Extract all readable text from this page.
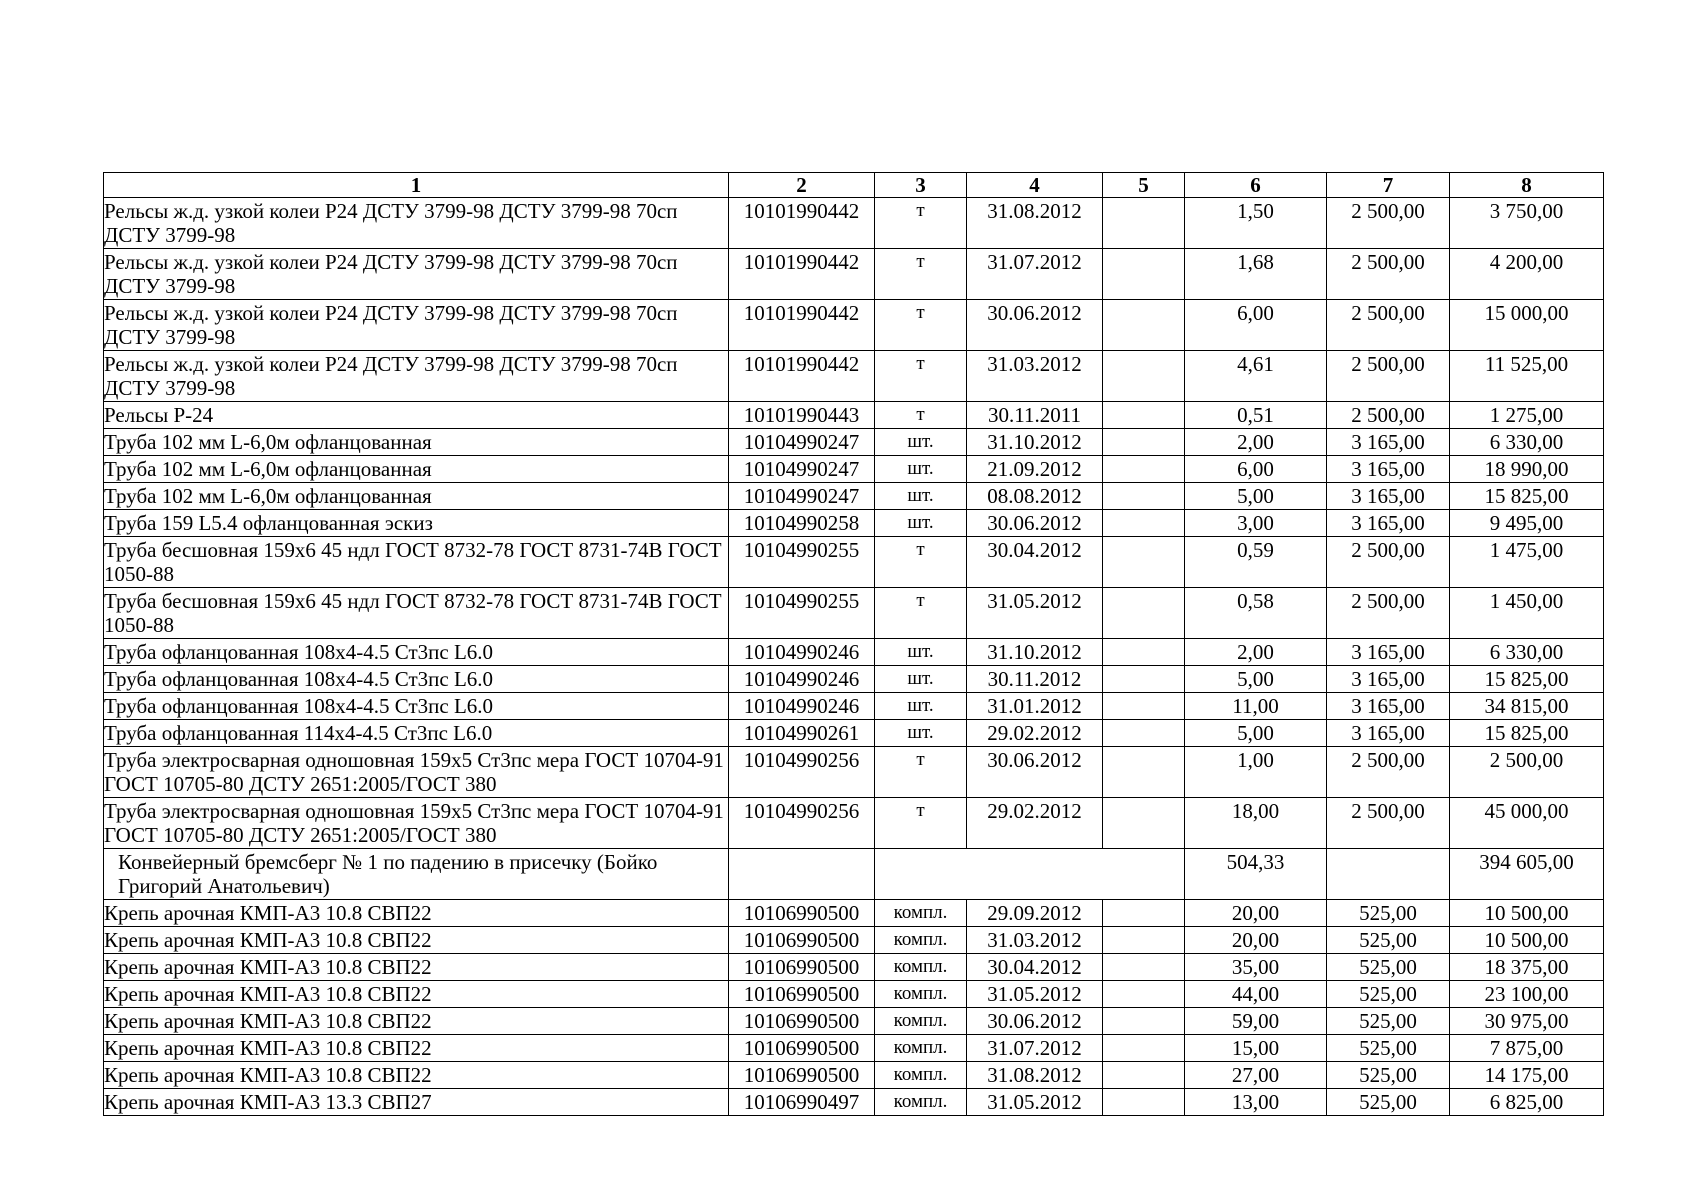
1	2	3	4	5	6	7	8
Рельсы ж.д. узкой колеи Р24 ДСТУ 3799-98 ДСТУ 3799-98 70сп ДСТУ 3799-98	10101990442	т	31.08.2012		1,50	2 500,00	3 750,00
Рельсы ж.д. узкой колеи Р24 ДСТУ 3799-98 ДСТУ 3799-98 70сп ДСТУ 3799-98	10101990442	т	31.07.2012		1,68	2 500,00	4 200,00
Рельсы ж.д. узкой колеи Р24 ДСТУ 3799-98 ДСТУ 3799-98 70сп ДСТУ 3799-98	10101990442	т	30.06.2012		6,00	2 500,00	15 000,00
Рельсы ж.д. узкой колеи Р24 ДСТУ 3799-98 ДСТУ 3799-98 70сп ДСТУ 3799-98	10101990442	т	31.03.2012		4,61	2 500,00	11 525,00
Рельсы Р-24	10101990443	т	30.11.2011		0,51	2 500,00	1 275,00
Труба 102 мм L-6,0м офланцованная	10104990247	шт.	31.10.2012		2,00	3 165,00	6 330,00
Труба 102 мм L-6,0м офланцованная	10104990247	шт.	21.09.2012		6,00	3 165,00	18 990,00
Труба 102 мм L-6,0м офланцованная	10104990247	шт.	08.08.2012		5,00	3 165,00	15 825,00
Труба 159 L5.4 офланцованная эскиз	10104990258	шт.	30.06.2012		3,00	3 165,00	9 495,00
Труба бесшовная 159х6 45 ндл ГОСТ 8732-78 ГОСТ 8731-74В ГОСТ 1050-88	10104990255	т	30.04.2012		0,59	2 500,00	1 475,00
Труба бесшовная 159х6 45 ндл ГОСТ 8732-78 ГОСТ 8731-74В ГОСТ 1050-88	10104990255	т	31.05.2012		0,58	2 500,00	1 450,00
Труба офланцованная 108х4-4.5 Ст3пс L6.0	10104990246	шт.	31.10.2012		2,00	3 165,00	6 330,00
Труба офланцованная 108х4-4.5 Ст3пс L6.0	10104990246	шт.	30.11.2012		5,00	3 165,00	15 825,00
Труба офланцованная 108х4-4.5 Ст3пс L6.0	10104990246	шт.	31.01.2012		11,00	3 165,00	34 815,00
Труба офланцованная 114х4-4.5 Ст3пс L6.0	10104990261	шт.	29.02.2012		5,00	3 165,00	15 825,00
Труба электросварная одношовная 159х5 Ст3пс мера ГОСТ 10704-91 ГОСТ 10705-80 ДСТУ 2651:2005/ГОСТ 380	10104990256	т	30.06.2012		1,00	2 500,00	2 500,00
Труба электросварная одношовная 159х5 Ст3пс мера ГОСТ 10704-91 ГОСТ 10705-80 ДСТУ 2651:2005/ГОСТ 380	10104990256	т	29.02.2012		18,00	2 500,00	45 000,00
Конвейерный бремсберг № 1 по падению в присечку (Бойко Григорий Анатольевич)					504,33		394 605,00
Крепь арочная КМП-А3 10.8 СВП22	10106990500	компл.	29.09.2012		20,00	525,00	10 500,00
Крепь арочная КМП-А3 10.8 СВП22	10106990500	компл.	31.03.2012		20,00	525,00	10 500,00
Крепь арочная КМП-А3 10.8 СВП22	10106990500	компл.	30.04.2012		35,00	525,00	18 375,00
Крепь арочная КМП-А3 10.8 СВП22	10106990500	компл.	31.05.2012		44,00	525,00	23 100,00
Крепь арочная КМП-А3 10.8 СВП22	10106990500	компл.	30.06.2012		59,00	525,00	30 975,00
Крепь арочная КМП-А3 10.8 СВП22	10106990500	компл.	31.07.2012		15,00	525,00	7 875,00
Крепь арочная КМП-А3 10.8 СВП22	10106990500	компл.	31.08.2012		27,00	525,00	14 175,00
Крепь арочная КМП-А3 13.3 СВП27	10106990497	компл.	31.05.2012		13,00	525,00	6 825,00
